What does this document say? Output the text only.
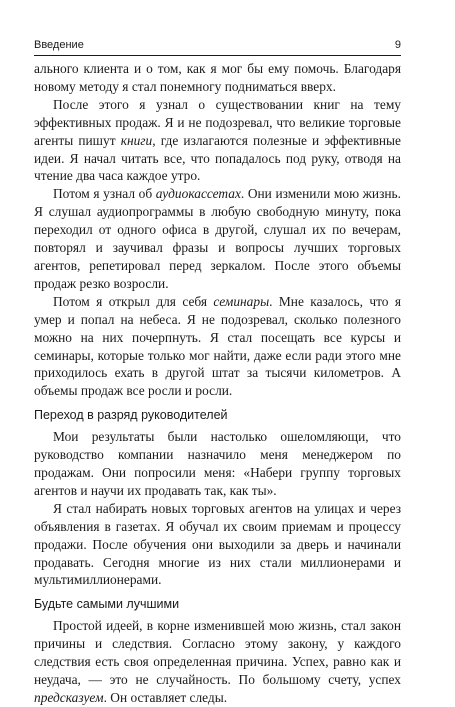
Введение	9

ального клиента и о том, как я мог бы ему помочь. Благодаря новому методу я стал понемногу подниматься вверх.

После этого я узнал о существовании книг на тему эффективных продаж. Я и не подозревал, что великие торговые агенты пишут книги, где излагаются полезные и эффективные идеи. Я начал читать все, что попадалось под руку, отводя на чтение два часа каждое утро.

Потом я узнал об аудиокассетах. Они изменили мою жизнь. Я слушал аудиопрограммы в любую свободную минуту, пока переходил от одного офиса в другой, слушал их по вечерам, повторял и заучивал фразы и вопросы лучших торговых агентов, репетировал перед зеркалом. После этого объемы продаж резко возросли.

Потом я открыл для себя семинары. Мне казалось, что я умер и попал на небеса. Я не подозревал, сколько полезного можно на них почерпнуть. Я стал посещать все курсы и семинары, которые только мог найти, даже если ради этого мне приходилось ехать в другой штат за тысячи километров. А объемы продаж все росли и росли.

Переход в разряд руководителей

Мои результаты были настолько ошеломляющи, что руководство компании назначило меня менеджером по продажам. Они попросили меня: «Набери группу торговых агентов и научи их продавать так, как ты».

Я стал набирать новых торговых агентов на улицах и через объявления в газетах. Я обучал их своим приемам и процессу продажи. После обучения они выходили за дверь и начинали продавать. Сегодня многие из них стали миллионерами и мультимиллионерами.

Будьте самыми лучшими

Простой идеей, в корне изменившей мою жизнь, стал закон причины и следствия. Согласно этому закону, у каждого следствия есть своя определенная причина. Успех, равно как и неудача, — это не случайность. По большому счету, успех предсказуем. Он оставляет следы.
